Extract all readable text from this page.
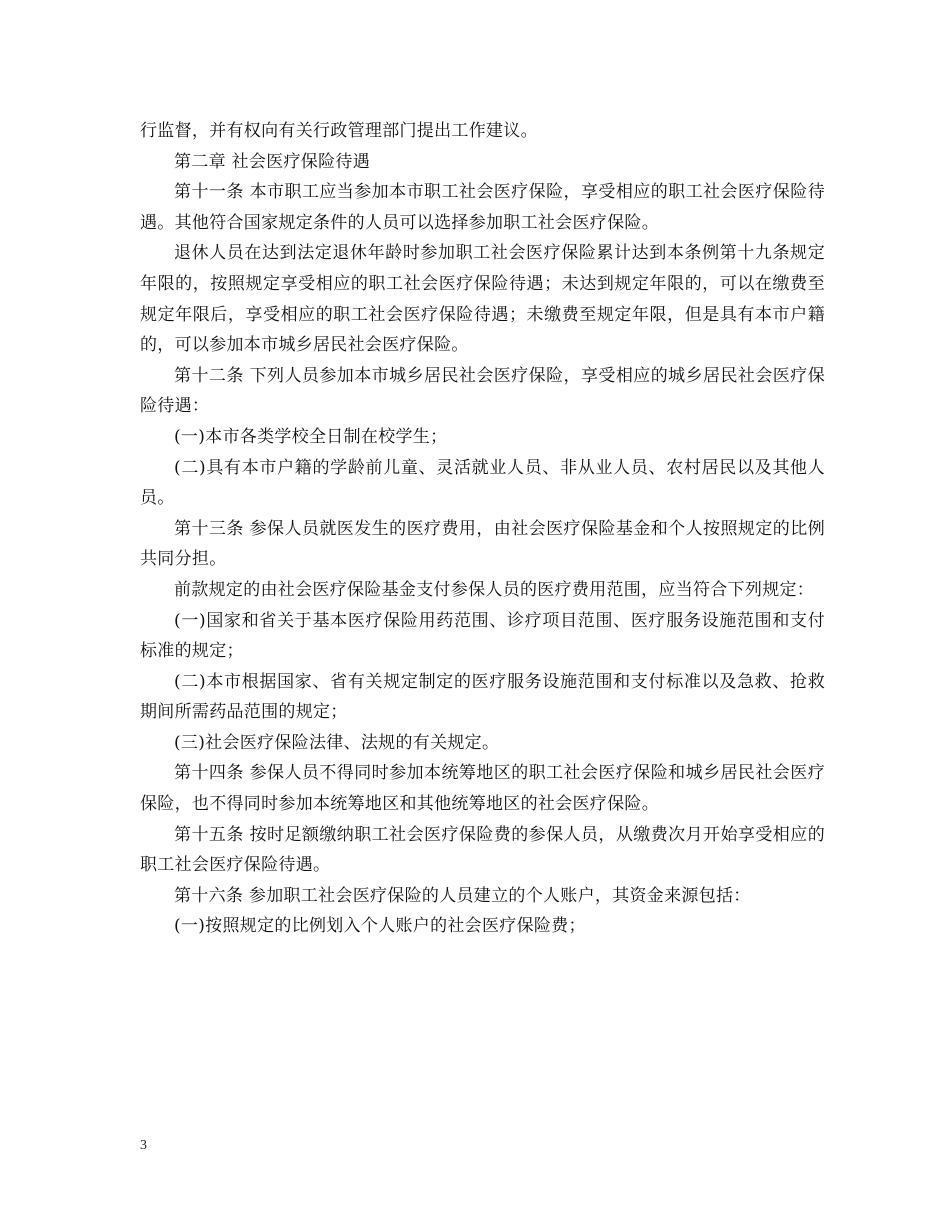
行监督，并有权向有关行政管理部门提出工作建议。

第二章 社会医疗保险待遇

第十一条 本市职工应当参加本市职工社会医疗保险，享受相应的职工社会医疗保险待遇。其他符合国家规定条件的人员可以选择参加职工社会医疗保险。

退休人员在达到法定退休年龄时参加职工社会医疗保险累计达到本条例第十九条规定年限的，按照规定享受相应的职工社会医疗保险待遇；未达到规定年限的，可以在缴费至规定年限后，享受相应的职工社会医疗保险待遇；未缴费至规定年限，但是具有本市户籍的，可以参加本市城乡居民社会医疗保险。

第十二条 下列人员参加本市城乡居民社会医疗保险，享受相应的城乡居民社会医疗保险待遇：

(一)本市各类学校全日制在校学生；

(二)具有本市户籍的学龄前儿童、灵活就业人员、非从业人员、农村居民以及其他人员。

第十三条 参保人员就医发生的医疗费用，由社会医疗保险基金和个人按照规定的比例共同分担。

前款规定的由社会医疗保险基金支付参保人员的医疗费用范围，应当符合下列规定：

(一)国家和省关于基本医疗保险用药范围、诊疗项目范围、医疗服务设施范围和支付标准的规定；

(二)本市根据国家、省有关规定制定的医疗服务设施范围和支付标准以及急救、抢救期间所需药品范围的规定；

(三)社会医疗保险法律、法规的有关规定。

第十四条 参保人员不得同时参加本统筹地区的职工社会医疗保险和城乡居民社会医疗保险，也不得同时参加本统筹地区和其他统筹地区的社会医疗保险。

第十五条 按时足额缴纳职工社会医疗保险费的参保人员，从缴费次月开始享受相应的职工社会医疗保险待遇。

第十六条 参加职工社会医疗保险的人员建立的个人账户，其资金来源包括：

(一)按照规定的比例划入个人账户的社会医疗保险费；

3
